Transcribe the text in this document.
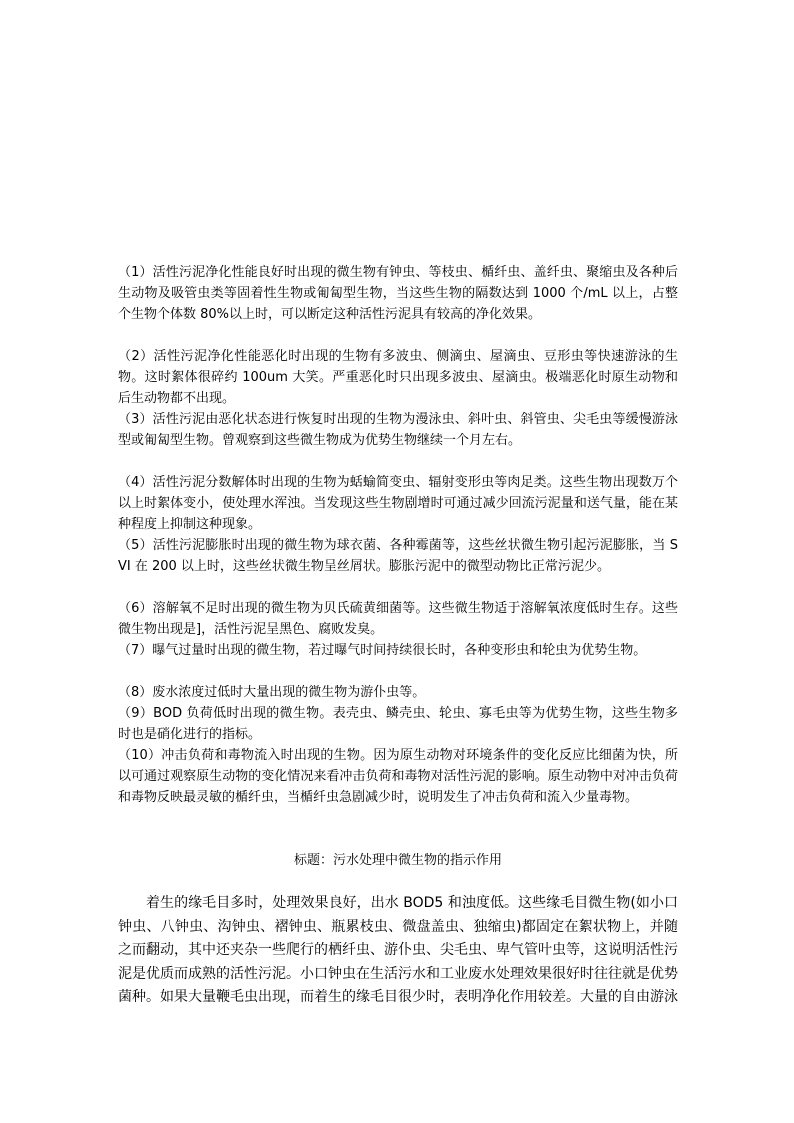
（1）活性污泥净化性能良好时出现的微生物有钟虫、等枝虫、楯纤虫、盖纤虫、聚缩虫及各种后生动物及吸管虫类等固着性生物或匍匐型生物，当这些生物的隔数达到 1000 个/mL 以上，占整个生物个体数 80%以上时，可以断定这种活性污泥具有较高的净化效果。

（2）活性污泥净化性能恶化时出现的生物有多波虫、侧滴虫、屋滴虫、豆形虫等快速游泳的生物。这时絮体很碎约 100um 大笑。严重恶化时只出现多波虫、屋滴虫。极端恶化时原生动物和后生动物都不出现。

（3）活性污泥由恶化状态进行恢复时出现的生物为漫泳虫、斜叶虫、斜管虫、尖毛虫等缓慢游泳型或匍匐型生物。曾观察到这些微生物成为优势生物继续一个月左右。

（4）活性污泥分数解体时出现的生物为蛞蝓简变虫、辐射变形虫等肉足类。这些生物出现数万个以上时絮体变小，使处理水浑浊。当发现这些生物剧增时可通过减少回流污泥量和送气量，能在某种程度上抑制这种现象。

（5）活性污泥膨胀时出现的微生物为球衣菌、各种霉菌等，这些丝状微生物引起污泥膨胀，当 SVI 在 200 以上时，这些丝状微生物呈丝屑状。膨胀污泥中的微型动物比正常污泥少。

（6）溶解氧不足时出现的微生物为贝氏硫黄细菌等。这些微生物适于溶解氧浓度低时生存。这些微生物出现是]，活性污泥呈黑色、腐败发臭。

（7）曝气过量时出现的微生物，若过曝气时间持续很长时，各种变形虫和轮虫为优势生物。

（8）废水浓度过低时大量出现的微生物为游仆虫等。

（9）BOD 负荷低时出现的微生物。表壳虫、鳞壳虫、轮虫、寡毛虫等为优势生物，这些生物多时也是硝化进行的指标。

（10）冲击负荷和毒物流入时出现的生物。因为原生动物对环境条件的变化反应比细菌为快，所以可通过观察原生动物的变化情况来看冲击负荷和毒物对活性污泥的影响。原生动物中对冲击负荷和毒物反映最灵敏的楯纤虫，当楯纤虫急剧减少时，说明发生了冲击负荷和流入少量毒物。

标题：污水处理中微生物的指示作用

着生的缘毛目多时，处理效果良好，出水 BOD5 和浊度低。这些缘毛目微生物(如小口钟虫、八钟虫、沟钟虫、褶钟虫、瓶累枝虫、微盘盖虫、独缩虫)都固定在絮状物上，并随之而翻动，其中还夹杂一些爬行的栖纤虫、游仆虫、尖毛虫、卑气管叶虫等，这说明活性污泥是优质而成熟的活性污泥。小口钟虫在生活污水和工业废水处理效果很好时往往就是优势菌种。如果大量鞭毛虫出现，而着生的缘毛目很少时，表明净化作用较差。大量的自由游泳
